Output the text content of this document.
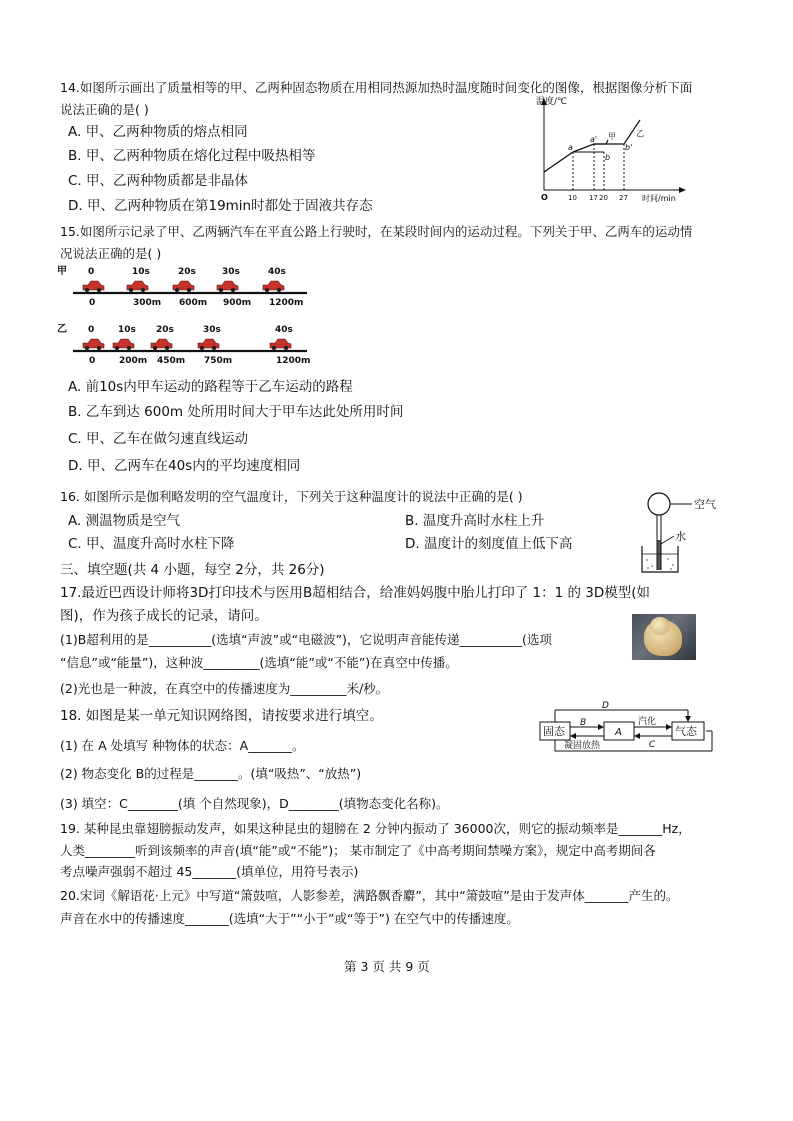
14.如图所示画出了质量相等的甲、乙两种固态物质在用相同热源加热时温度随时间变化的图像，根据图像分析下面
说法正确的是( )
A. 甲、乙两种物质的熔点相同
B. 甲、乙两种物质在熔化过程中吸热相等
C. 甲、乙两种物质都是非晶体
D. 甲、乙两种物质在第19min时都处于固液共存态
温度/℃
时间/min
O	10 17 20 27
a
a'
b
b'
甲	乙
15.如图所示记录了甲、乙两辆汽车在平直公路上行驶时，在某段时间内的运动过程。下列关于甲、乙两车的运动情
况说法正确的是( )
甲 0
0
10s
300m
20s
600m
30s
900m
40s
1200m
乙 0
0
10s
200m
20s
450m
30s
750m
40s
1200m
A. 前10s内甲车运动的路程等于乙车运动的路程
B. 乙车到达 600m 处所用时间大于甲车达此处所用时间
C. 甲、乙车在做匀速直线运动
D. 甲、乙两车在40s内的平均速度相同
16. 如图所示是伽利略发明的空气温度计，下列关于这种温度计的说法中正确的是( )
A. 测温物质是空气	B. 温度升高时水柱上升
C. 甲、温度升高时水柱下降	D. 温度计的刻度值上低下高
空气
水
三、填空题(共 4 小题，每空 2分，共 26分)
17.最近巴西设计师将3D打印技术与医用B超相结合，给准妈妈腹中胎儿打印了 1：1 的 3D模型(如
图)，作为孩子成长的记录，请问。
(1)B超利用的是__________(选填“声波”或“电磁波”)，它说明声音能传递__________(选项
“信息”或“能量”)，这种波_________(选填“能”或“不能”)在真空中传播。
(2)光也是一种波，在真空中的传播速度为_________米/秒。
18. 如图是某一单元知识网络图，请按要求进行填空。
(1) 在 A 处填写 种物体的状态：A_______。
(2) 物态变化 B的过程是_______。(填“吸热”、“放热”)
(3) 填空：C________(填 个自然现象)，D________(填物态变化名称)。
固态	A	气态
D
B	汽化
凝固放热	C
19. 某种昆虫靠翅膀振动发声，如果这种昆虫的翅膀在 2 分钟内振动了 36000次，则它的振动频率是_______Hz，
人类________听到该频率的声音(填“能”或“不能”)； 某市制定了《中高考期间禁噪方案》，规定中高考期间各
考点噪声强弱不超过 45_______(填单位，用符号表示)
20.宋词《解语花·上元》中写道“箫鼓喧，人影参差，满路飘香麝”，其中“箫鼓喧”是由于发声体_______产生的。
声音在水中的传播速度_______(选填“大于”“小于”或“等于”) 在空气中的传播速度。
第 3 页 共 9 页
